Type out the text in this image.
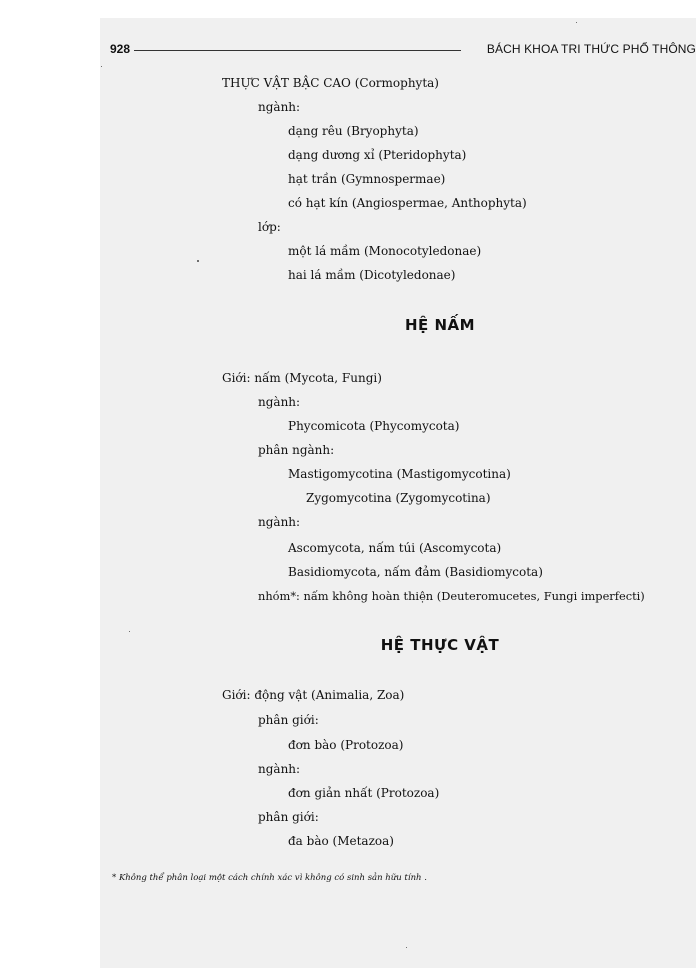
928	BÁCH KHOA TRI THỨC PHỔ THÔNG
THỰC VẬT BẬC CAO (Cormophyta)
ngành:
dạng rêu (Bryophyta)
dạng dương xỉ (Pteridophyta)
hạt trần (Gymnospermae)
có hạt kín (Angiospermae, Anthophyta)
lớp:
một lá mầm (Monocotyledonae)
hai lá mầm (Dicotyledonae)
HỆ NẤM
Giới: nấm (Mycota, Fungi)
ngành:
Phycomicota (Phycomycota)
phân ngành:
Mastigomycotina (Mastigomycotina)
Zygomycotina (Zygomycotina)
ngành:
Ascomycota, nấm túi (Ascomycota)
Basidiomycota, nấm đảm (Basidiomycota)
nhóm*: nấm không hoàn thiện (Deuteromucetes, Fungi imperfecti)
HỆ THỰC VẬT
Giới: động vật (Animalia, Zoa)
phân giới:
đơn bào (Protozoa)
ngành:
đơn giản nhất (Protozoa)
phân giới:
đa bào (Metazoa)
* Không thể phân loại một cách chính xác vì không có sinh sản hữu tính .
